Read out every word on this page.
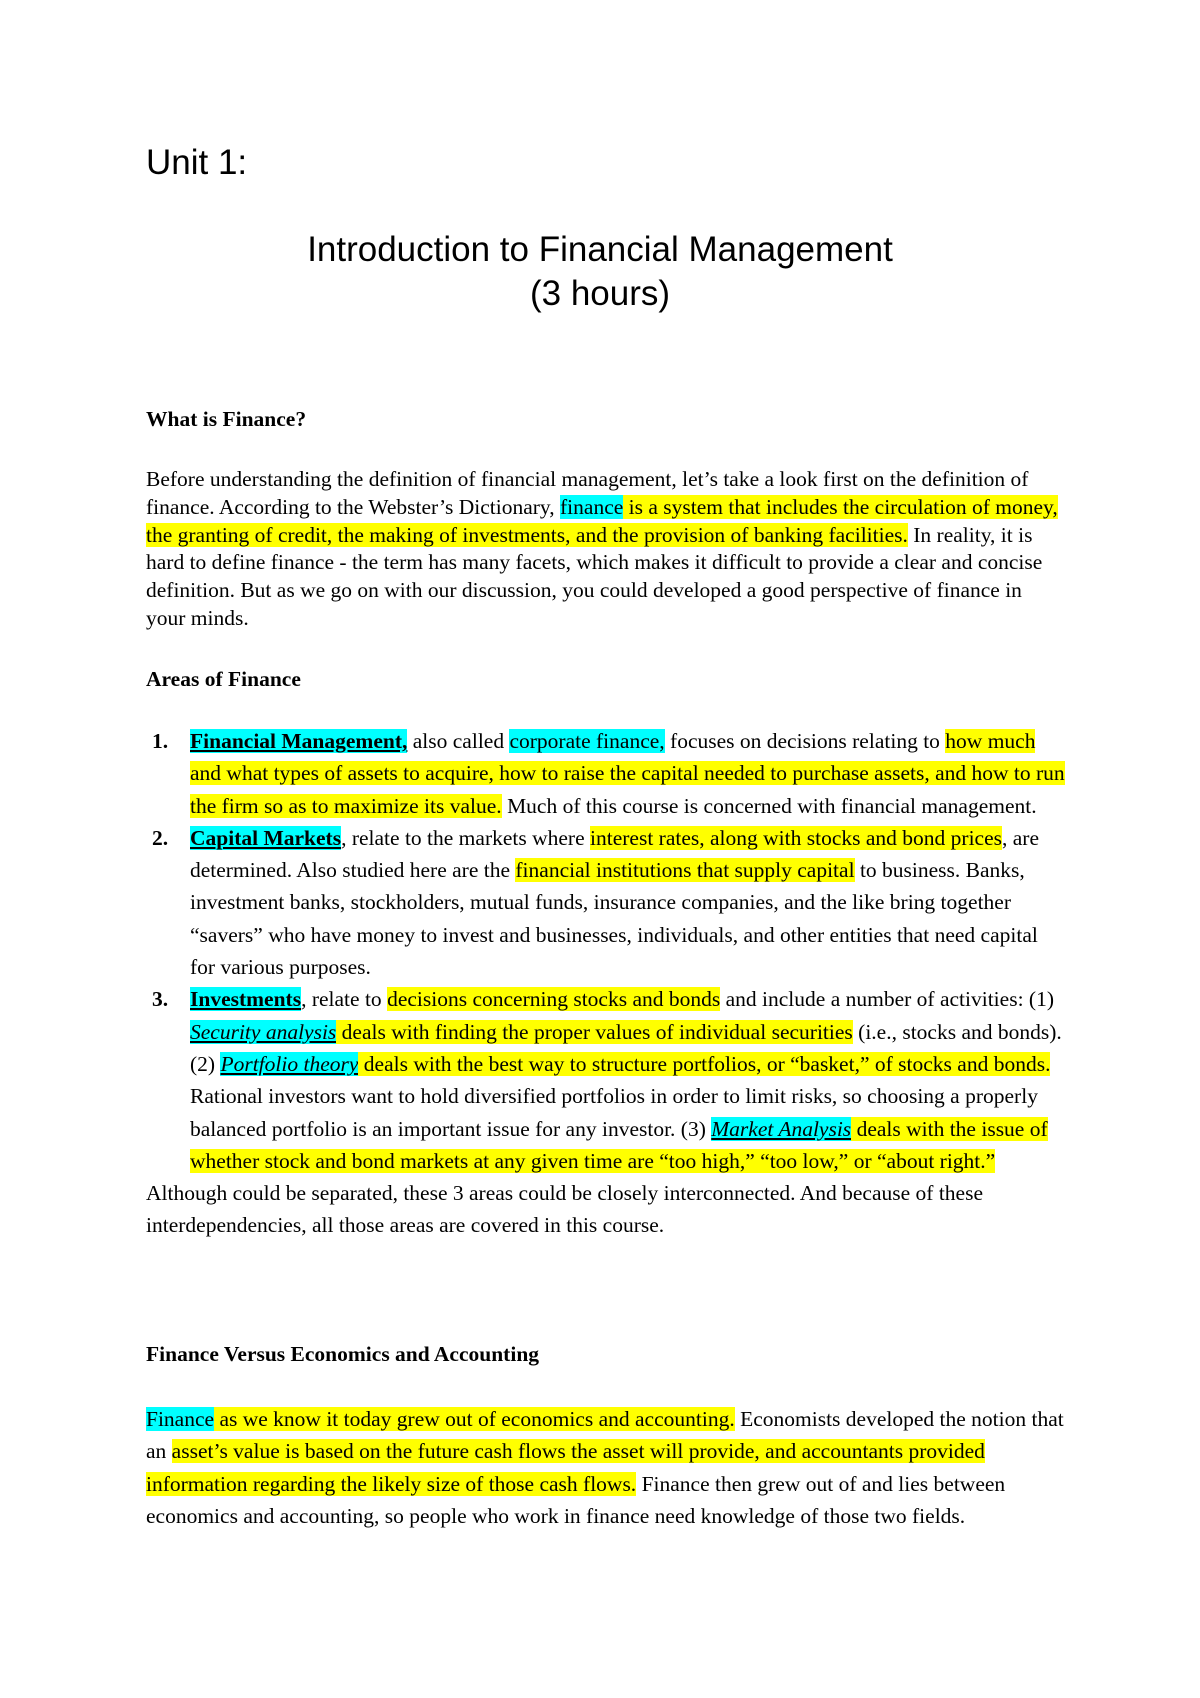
Unit 1:
Introduction to Financial Management
(3 hours)
What is Finance?
Before understanding the definition of financial management, let’s take a look first on the definition of finance. According to the Webster’s Dictionary, finance is a system that includes the circulation of money, the granting of credit, the making of investments, and the provision of banking facilities. In reality, it is hard to define finance - the term has many facets, which makes it difficult to provide a clear and concise definition. But as we go on with our discussion, you could developed a good perspective of finance in your minds.
Areas of Finance
1. Financial Management, also called corporate finance, focuses on decisions relating to how much and what types of assets to acquire, how to raise the capital needed to purchase assets, and how to run the firm so as to maximize its value. Much of this course is concerned with financial management.
2. Capital Markets, relate to the markets where interest rates, along with stocks and bond prices, are determined. Also studied here are the financial institutions that supply capital to business. Banks, investment banks, stockholders, mutual funds, insurance companies, and the like bring together “savers” who have money to invest and businesses, individuals, and other entities that need capital for various purposes.
3. Investments, relate to decisions concerning stocks and bonds and include a number of activities: (1) Security analysis deals with finding the proper values of individual securities (i.e., stocks and bonds). (2) Portfolio theory deals with the best way to structure portfolios, or “basket,” of stocks and bonds. Rational investors want to hold diversified portfolios in order to limit risks, so choosing a properly balanced portfolio is an important issue for any investor. (3) Market Analysis deals with the issue of whether stock and bond markets at any given time are “too high,” “too low,” or “about right.”
Although could be separated, these 3 areas could be closely interconnected. And because of these interdependencies, all those areas are covered in this course.
Finance Versus Economics and Accounting
Finance as we know it today grew out of economics and accounting. Economists developed the notion that an asset’s value is based on the future cash flows the asset will provide, and accountants provided information regarding the likely size of those cash flows. Finance then grew out of and lies between economics and accounting, so people who work in finance need knowledge of those two fields.
